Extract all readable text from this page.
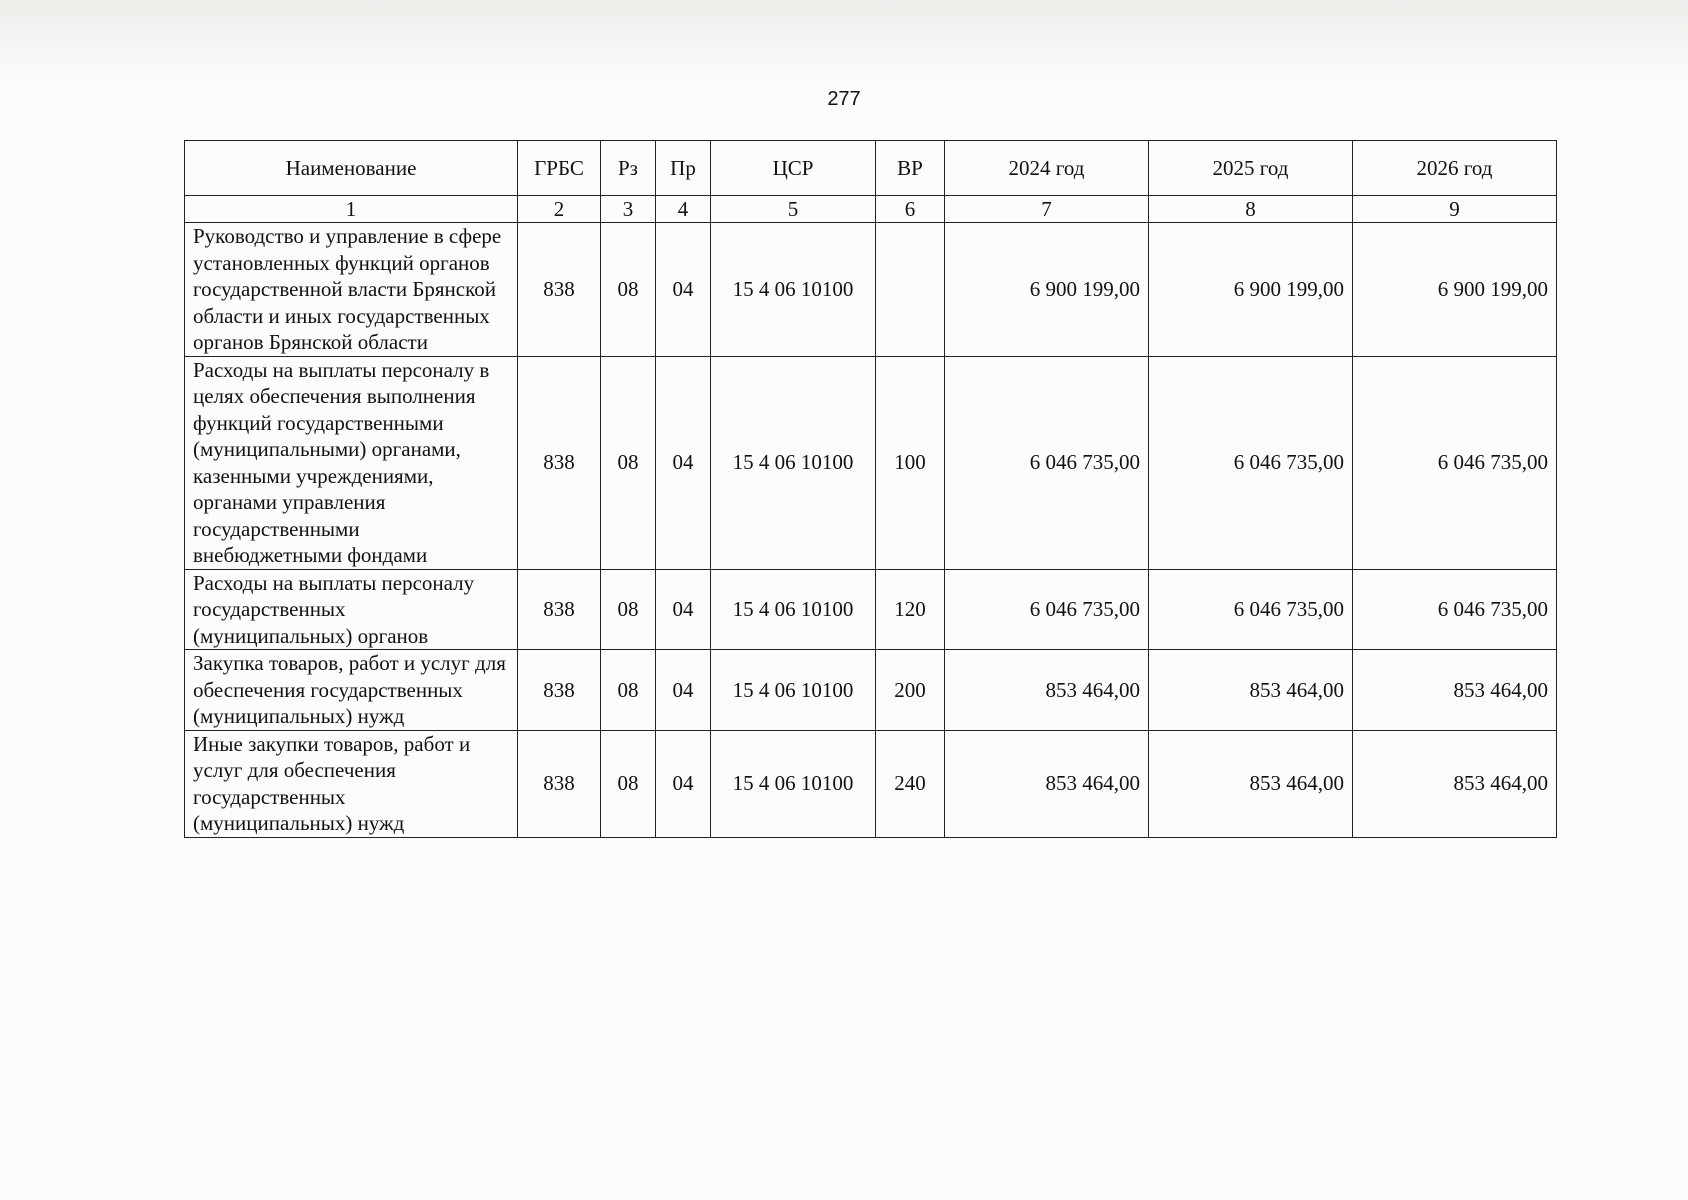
277
Наименование	ГРБС	Рз	Пр	ЦСР	ВР	2024 год	2025 год	2026 год
1	2	3	4	5	6	7	8	9
Руководство и управление в сфере установленных функций органов государственной власти Брянской области и иных государственных органов Брянской области	838	08	04	15 4 06 10100		6 900 199,00	6 900 199,00	6 900 199,00
Расходы на выплаты персоналу в целях обеспечения выполнения функций государственными (муниципальными) органами, казенными учреждениями, органами управления государственными внебюджетными фондами	838	08	04	15 4 06 10100	100	6 046 735,00	6 046 735,00	6 046 735,00
Расходы на выплаты персоналу государственных (муниципальных) органов	838	08	04	15 4 06 10100	120	6 046 735,00	6 046 735,00	6 046 735,00
Закупка товаров, работ и услуг для обеспечения государственных (муниципальных) нужд	838	08	04	15 4 06 10100	200	853 464,00	853 464,00	853 464,00
Иные закупки товаров, работ и услуг для обеспечения государственных (муниципальных) нужд	838	08	04	15 4 06 10100	240	853 464,00	853 464,00	853 464,00
